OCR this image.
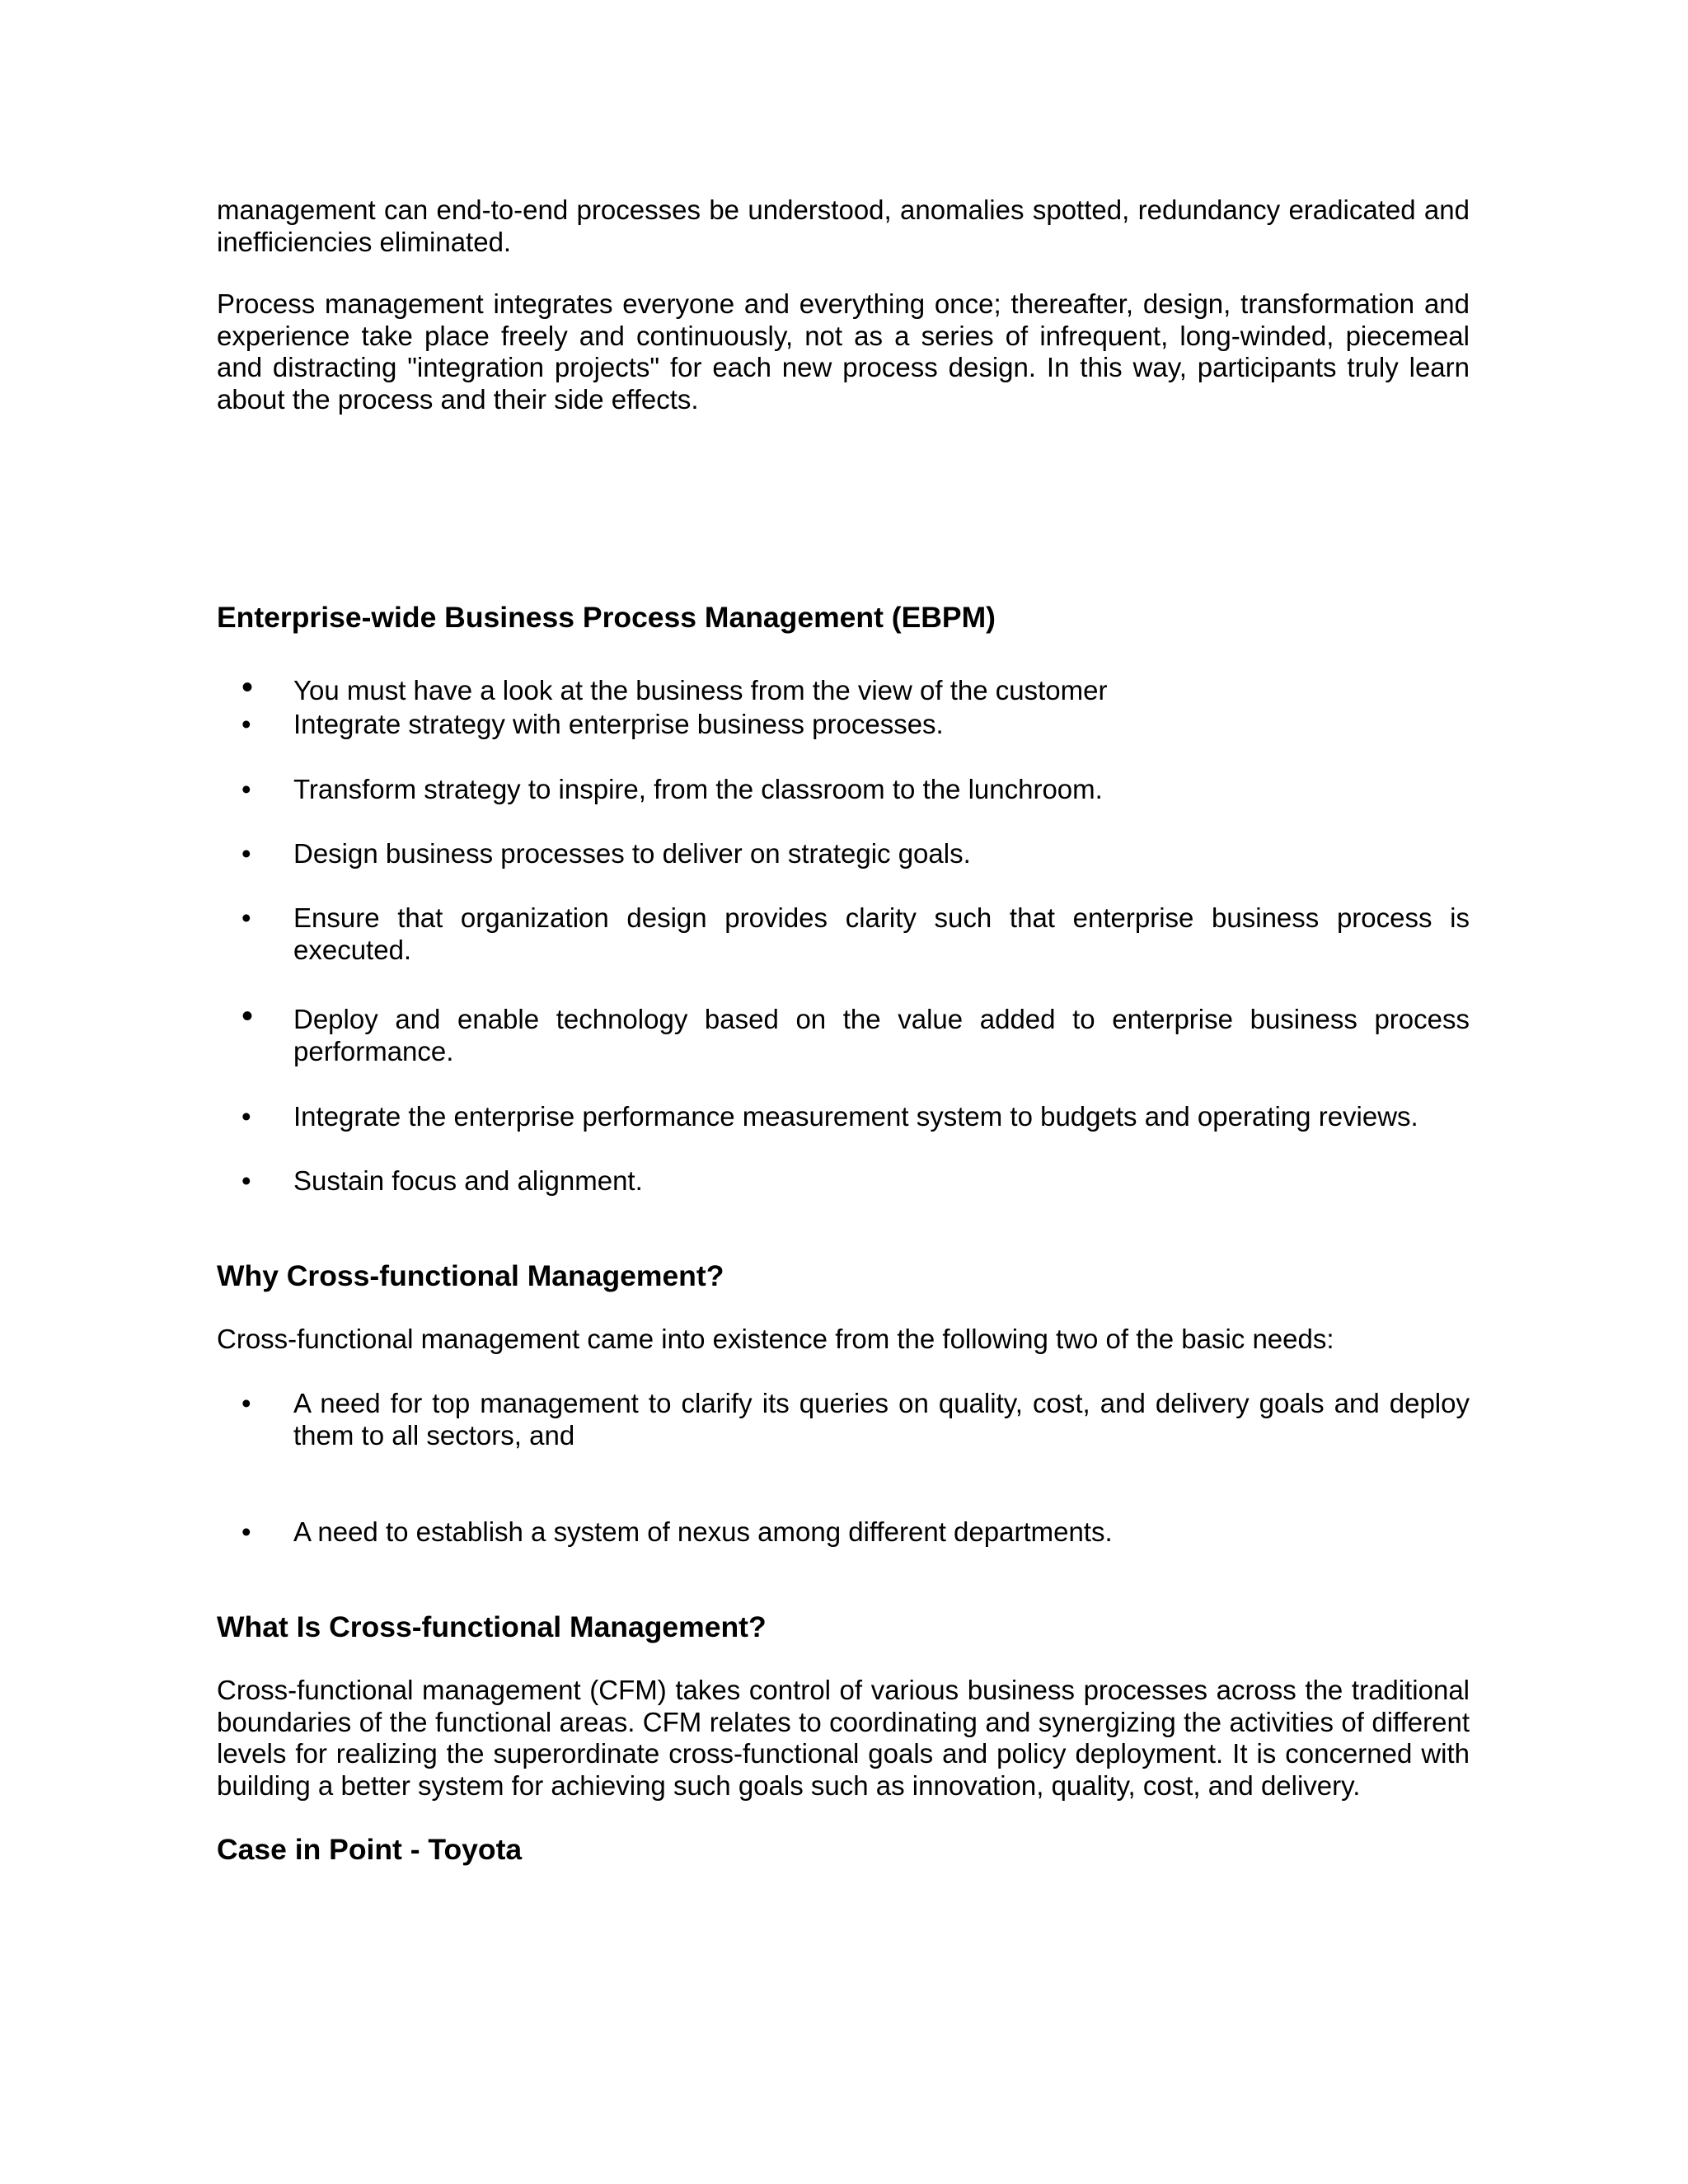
management can end-to-end processes be understood, anomalies spotted, redundancy eradicated and inefficiencies eliminated.

Process management integrates everyone and everything once; thereafter, design, transformation and experience take place freely and continuously, not as a series of infrequent, long-winded, piecemeal and distracting "integration projects" for each new process design. In this way, participants truly learn about the process and their side effects.

Enterprise-wide Business Process Management (EBPM)
• You must have a look at the business from the view of the customer
• Integrate strategy with enterprise business processes.
• Transform strategy to inspire, from the classroom to the lunchroom.
• Design business processes to deliver on strategic goals.
• Ensure that organization design provides clarity such that enterprise business process is executed.
• Deploy and enable technology based on the value added to enterprise business process performance.
• Integrate the enterprise performance measurement system to budgets and operating reviews.
• Sustain focus and alignment.
Why Cross-functional Management?

Cross-functional management came into existence from the following two of the basic needs:

• A need for top management to clarify its queries on quality, cost, and delivery goals and deploy them to all sectors, and
• A need to establish a system of nexus among different departments.
What Is Cross-functional Management?

Cross-functional management (CFM) takes control of various business processes across the traditional boundaries of the functional areas. CFM relates to coordinating and synergizing the activities of different levels for realizing the superordinate cross-functional goals and policy deployment. It is concerned with building a better system for achieving such goals such as innovation, quality, cost, and delivery.

Case in Point - Toyota
